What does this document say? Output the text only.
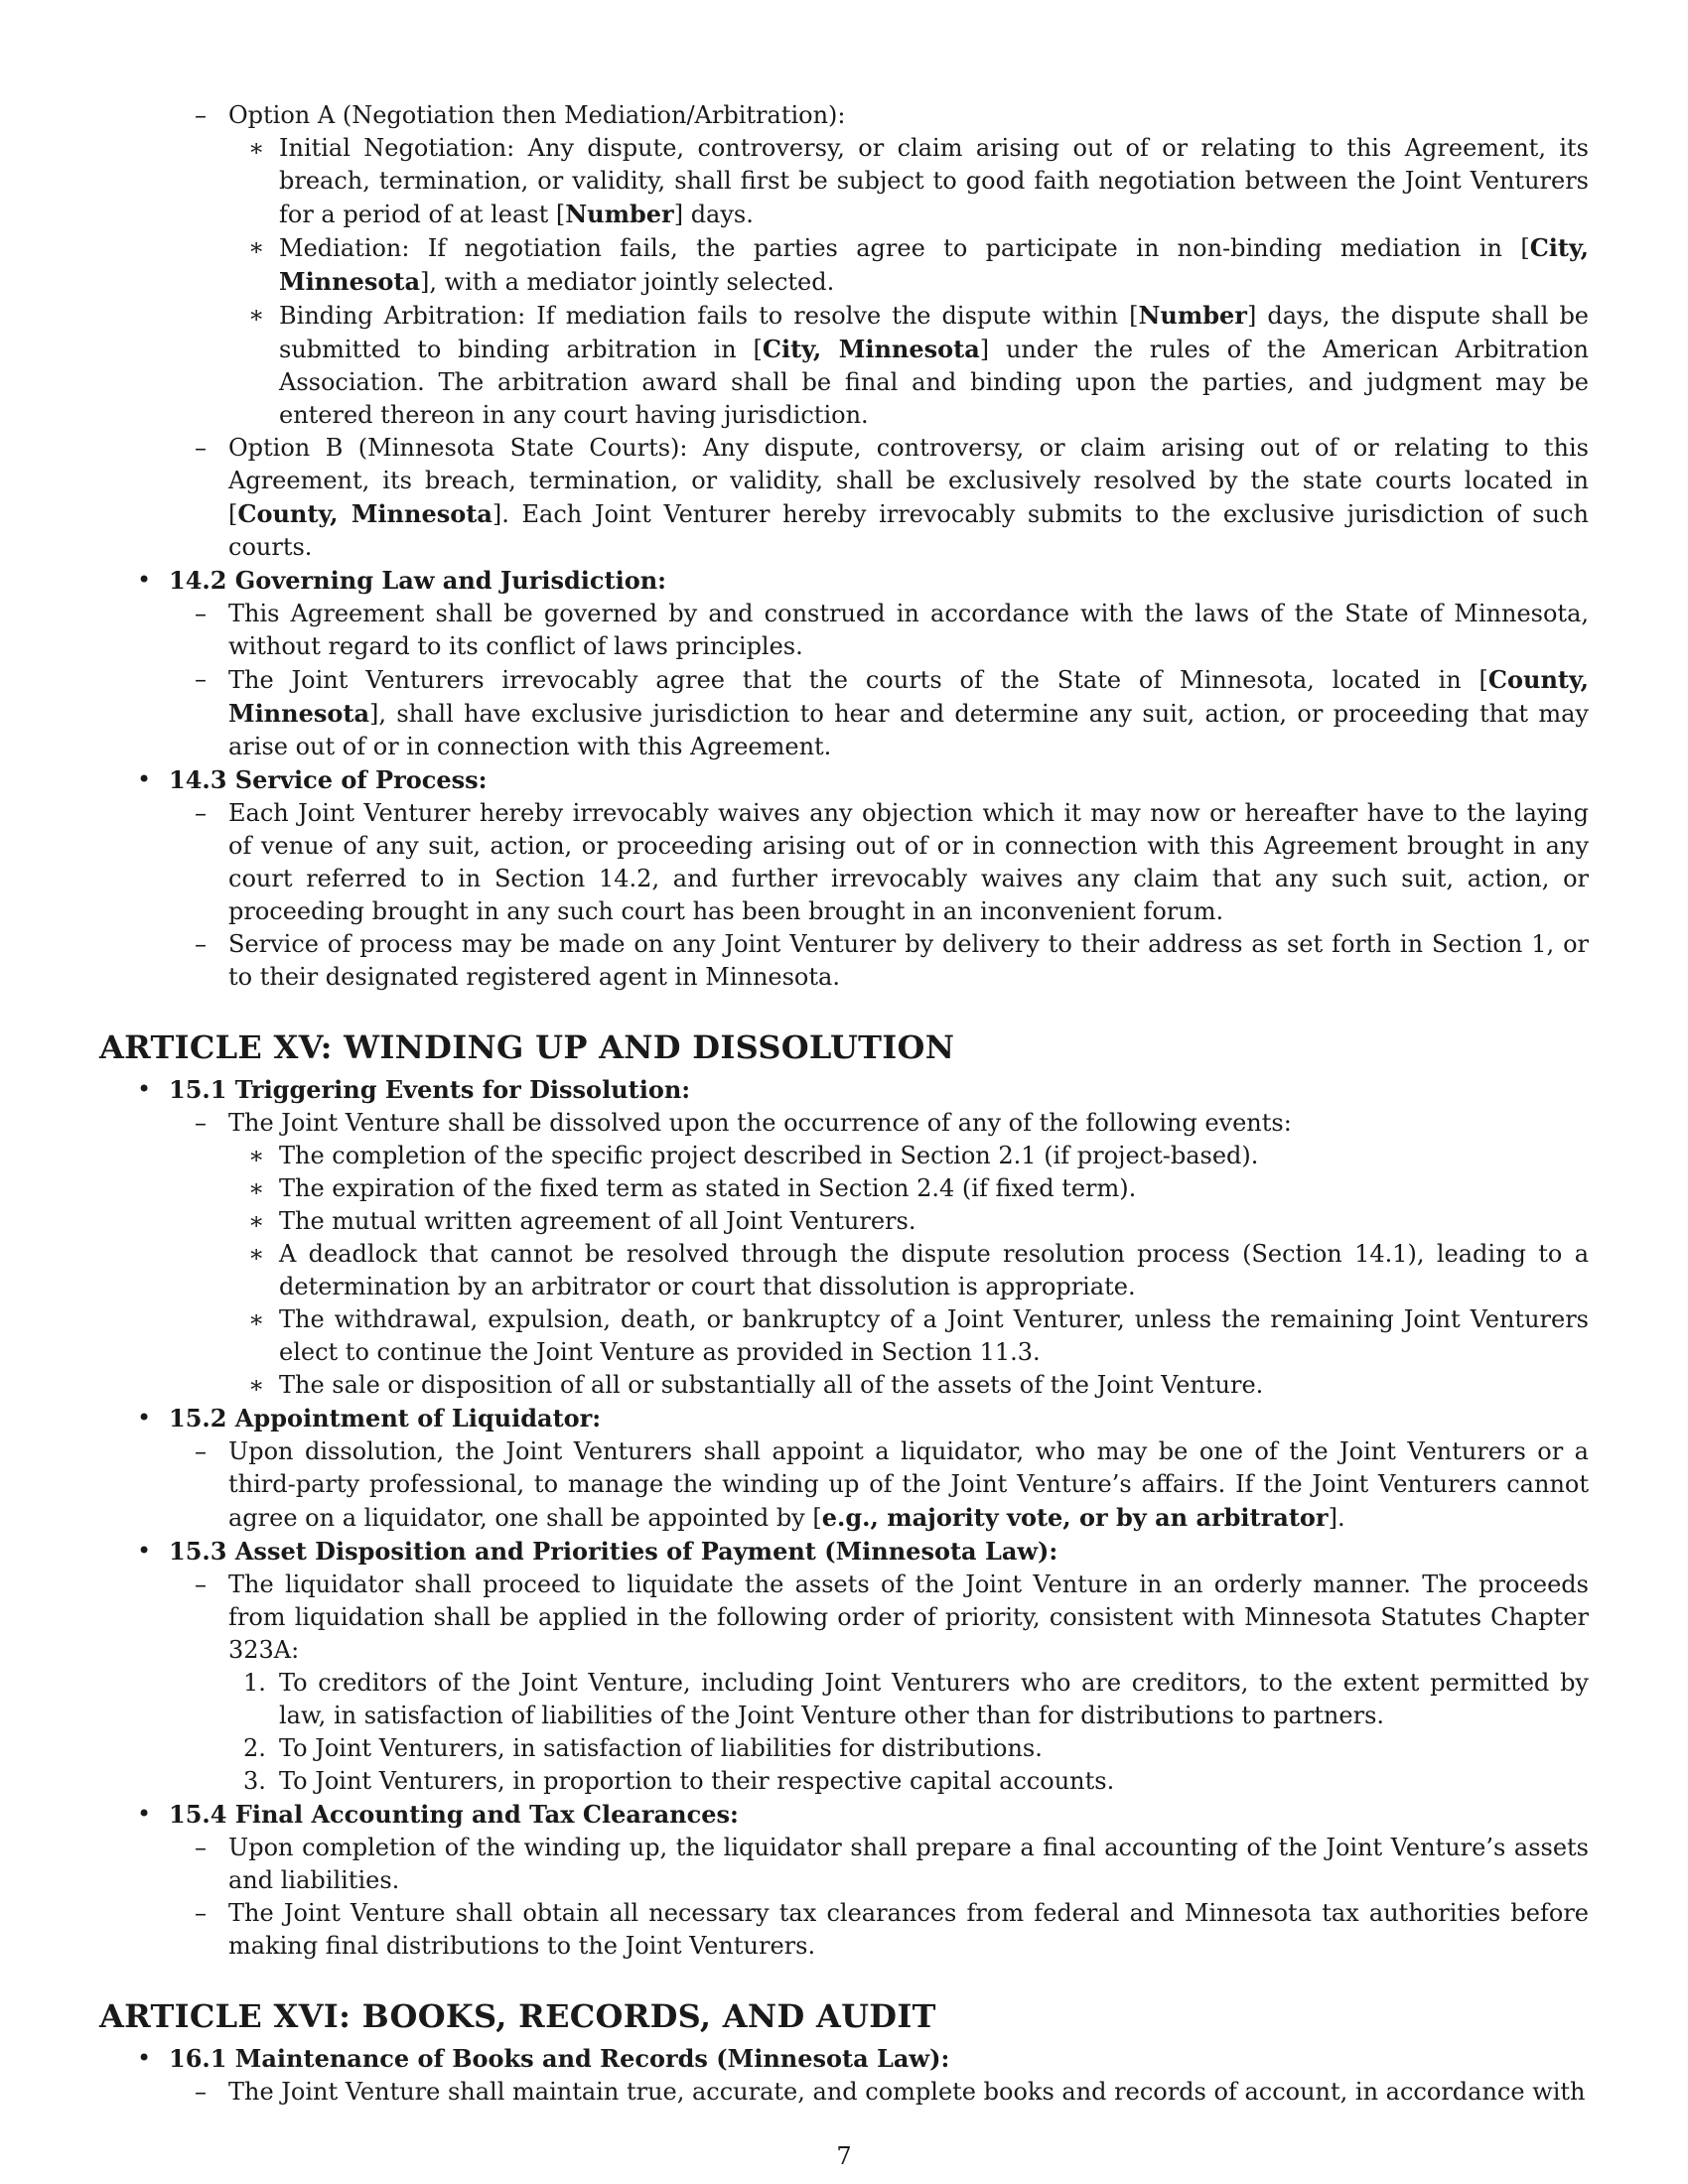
– Option A (Negotiation then Mediation/Arbitration):

∗ Initial Negotiation: Any dispute, controversy, or claim arising out of or relating to this Agreement, its breach, termination, or validity, shall first be subject to good faith negotiation between the Joint Venturers for a period of at least [Number] days.

∗ Mediation: If negotiation fails, the parties agree to participate in non-binding mediation in [City, Minnesota], with a mediator jointly selected.

∗ Binding Arbitration: If mediation fails to resolve the dispute within [Number] days, the dispute shall be submitted to binding arbitration in [City, Minnesota] under the rules of the American Arbitration Association. The arbitration award shall be final and binding upon the parties, and judgment may be entered thereon in any court having jurisdiction.

– Option B (Minnesota State Courts): Any dispute, controversy, or claim arising out of or relating to this Agreement, its breach, termination, or validity, shall be exclusively resolved by the state courts located in [County, Minnesota]. Each Joint Venturer hereby irrevocably submits to the exclusive jurisdiction of such courts.

• 14.2 Governing Law and Jurisdiction:

– This Agreement shall be governed by and construed in accordance with the laws of the State of Minnesota, without regard to its conflict of laws principles.

– The Joint Venturers irrevocably agree that the courts of the State of Minnesota, located in [County, Minnesota], shall have exclusive jurisdiction to hear and determine any suit, action, or proceeding that may arise out of or in connection with this Agreement.

• 14.3 Service of Process:

– Each Joint Venturer hereby irrevocably waives any objection which it may now or hereafter have to the laying of venue of any suit, action, or proceeding arising out of or in connection with this Agreement brought in any court referred to in Section 14.2, and further irrevocably waives any claim that any such suit, action, or proceeding brought in any such court has been brought in an inconvenient forum.

– Service of process may be made on any Joint Venturer by delivery to their address as set forth in Section 1, or to their designated registered agent in Minnesota.

ARTICLE XV: WINDING UP AND DISSOLUTION
• 15.1 Triggering Events for Dissolution:

– The Joint Venture shall be dissolved upon the occurrence of any of the following events:

∗ The completion of the specific project described in Section 2.1 (if project-based).

∗ The expiration of the fixed term as stated in Section 2.4 (if fixed term).

∗ The mutual written agreement of all Joint Venturers.

∗ A deadlock that cannot be resolved through the dispute resolution process (Section 14.1), leading to a determination by an arbitrator or court that dissolution is appropriate.

∗ The withdrawal, expulsion, death, or bankruptcy of a Joint Venturer, unless the remaining Joint Venturers elect to continue the Joint Venture as provided in Section 11.3.

∗ The sale or disposition of all or substantially all of the assets of the Joint Venture.

• 15.2 Appointment of Liquidator:

– Upon dissolution, the Joint Venturers shall appoint a liquidator, who may be one of the Joint Venturers or a third-party professional, to manage the winding up of the Joint Venture’s affairs. If the Joint Venturers cannot agree on a liquidator, one shall be appointed by [e.g., majority vote, or by an arbitrator].

• 15.3 Asset Disposition and Priorities of Payment (Minnesota Law):

– The liquidator shall proceed to liquidate the assets of the Joint Venture in an orderly manner. The proceeds from liquidation shall be applied in the following order of priority, consistent with Minnesota Statutes Chapter 323A:

1. To creditors of the Joint Venture, including Joint Venturers who are creditors, to the extent permitted by law, in satisfaction of liabilities of the Joint Venture other than for distributions to partners.

2. To Joint Venturers, in satisfaction of liabilities for distributions.

3. To Joint Venturers, in proportion to their respective capital accounts.

• 15.4 Final Accounting and Tax Clearances:

– Upon completion of the winding up, the liquidator shall prepare a final accounting of the Joint Venture’s assets and liabilities.

– The Joint Venture shall obtain all necessary tax clearances from federal and Minnesota tax authorities before making final distributions to the Joint Venturers.

ARTICLE XVI: BOOKS, RECORDS, AND AUDIT
• 16.1 Maintenance of Books and Records (Minnesota Law):

– The Joint Venture shall maintain true, accurate, and complete books and records of account, in accordance with

7
